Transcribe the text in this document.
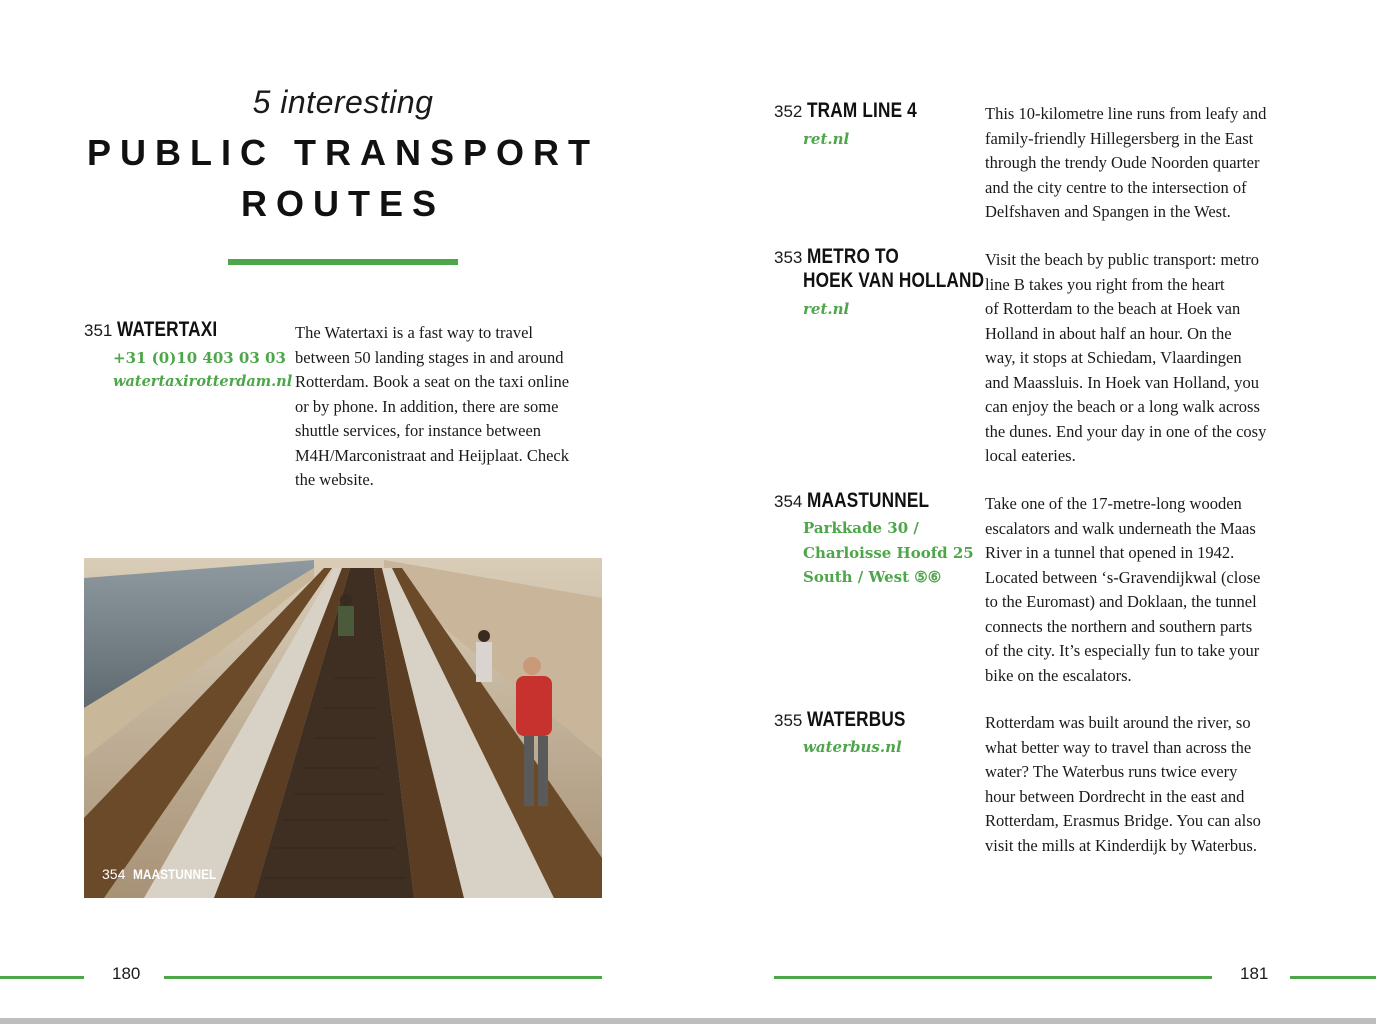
5 interesting
PUBLIC TRANSPORT
ROUTES
351 WATERTAXI
+31 (0)10 403 03 03
watertaxirotterdam.nl
The Watertaxi is a fast way to travel
between 50 landing stages in and around
Rotterdam. Book a seat on the taxi online
or by phone. In addition, there are some
shuttle services, for instance between
M4H/Marconistraat and Heijplaat. Check
the website.
354 MAASTUNNEL
180
352 TRAM LINE 4
ret.nl
This 10-kilometre line runs from leafy and
family-friendly Hillegersberg in the East
through the trendy Oude Noorden quarter
and the city centre to the intersection of
Delfshaven and Spangen in the West.
353 METRO TO
HOEK VAN HOLLAND
ret.nl
Visit the beach by public transport: metro
line B takes you right from the heart
of Rotterdam to the beach at Hoek van
Holland in about half an hour. On the
way, it stops at Schiedam, Vlaardingen
and Maassluis. In Hoek van Holland, you
can enjoy the beach or a long walk across
the dunes. End your day in one of the cosy
local eateries.
354 MAASTUNNEL
Parkkade 30 /
Charloisse Hoofd 25
South / West ⑤⑥
Take one of the 17-metre-long wooden
escalators and walk underneath the Maas
River in a tunnel that opened in 1942.
Located between ‘s-Gravendijkwal (close
to the Euromast) and Doklaan, the tunnel
connects the northern and southern parts
of the city. It’s especially fun to take your
bike on the escalators.
355 WATERBUS
waterbus.nl
Rotterdam was built around the river, so
what better way to travel than across the
water? The Waterbus runs twice every
hour between Dordrecht in the east and
Rotterdam, Erasmus Bridge. You can also
visit the mills at Kinderdijk by Waterbus.
181
